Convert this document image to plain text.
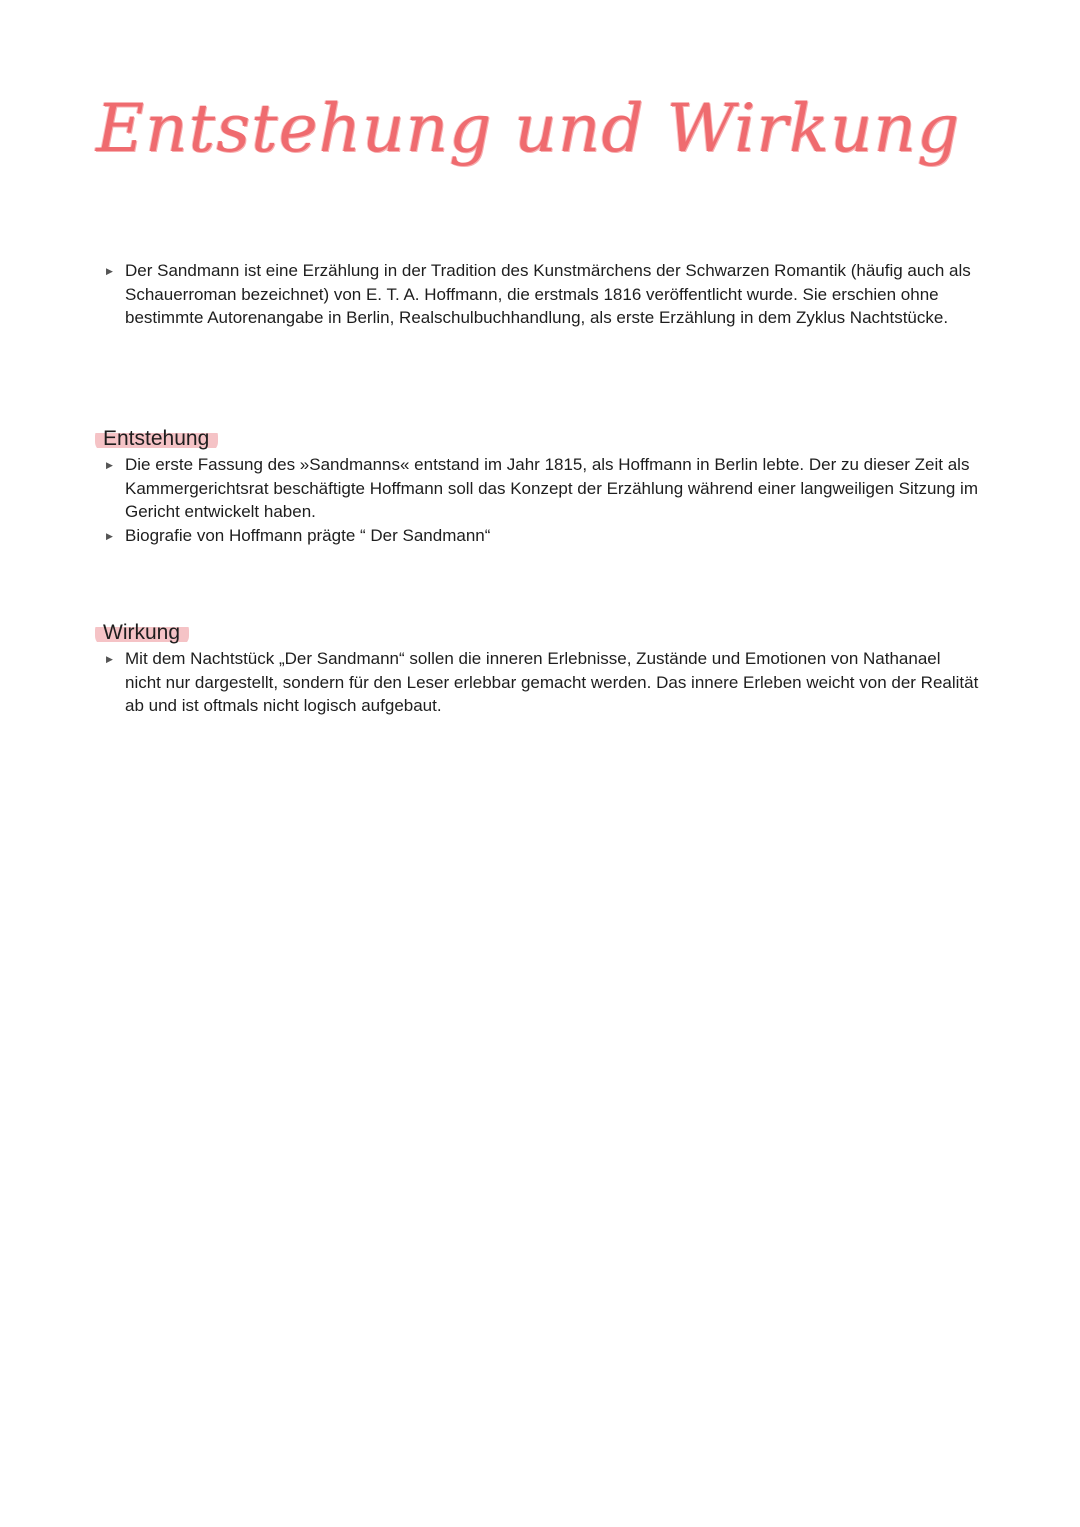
Entstehung und Wirkung
▶ Der Sandmann ist eine Erzählung in der Tradition des Kunstmärchens der Schwarzen Romantik (häufig auch als Schauerroman bezeichnet) von E. T. A. Hoffmann, die erstmals 1816 veröffentlicht wurde. Sie erschien ohne bestimmte Autorenangabe in Berlin, Realschulbuchhandlung, als erste Erzählung in dem Zyklus Nachtstücke.
Entstehung
▶ Die erste Fassung des »Sandmanns« entstand im Jahr 1815, als Hoffmann in Berlin lebte. Der zu dieser Zeit als Kammergerichtsrat beschäftigte Hoffmann soll das Konzept der Erzählung während einer langweiligen Sitzung im Gericht entwickelt haben.
▶ Biografie von Hoffmann prägte “ Der Sandmann“
Wirkung
▶ Mit dem Nachtstück „Der Sandmann“ sollen die inneren Erlebnisse, Zustände und Emotionen von Nathanael nicht nur dargestellt, sondern für den Leser erlebbar gemacht werden. Das innere Erleben weicht von der Realität ab und ist oftmals nicht logisch aufgebaut.
